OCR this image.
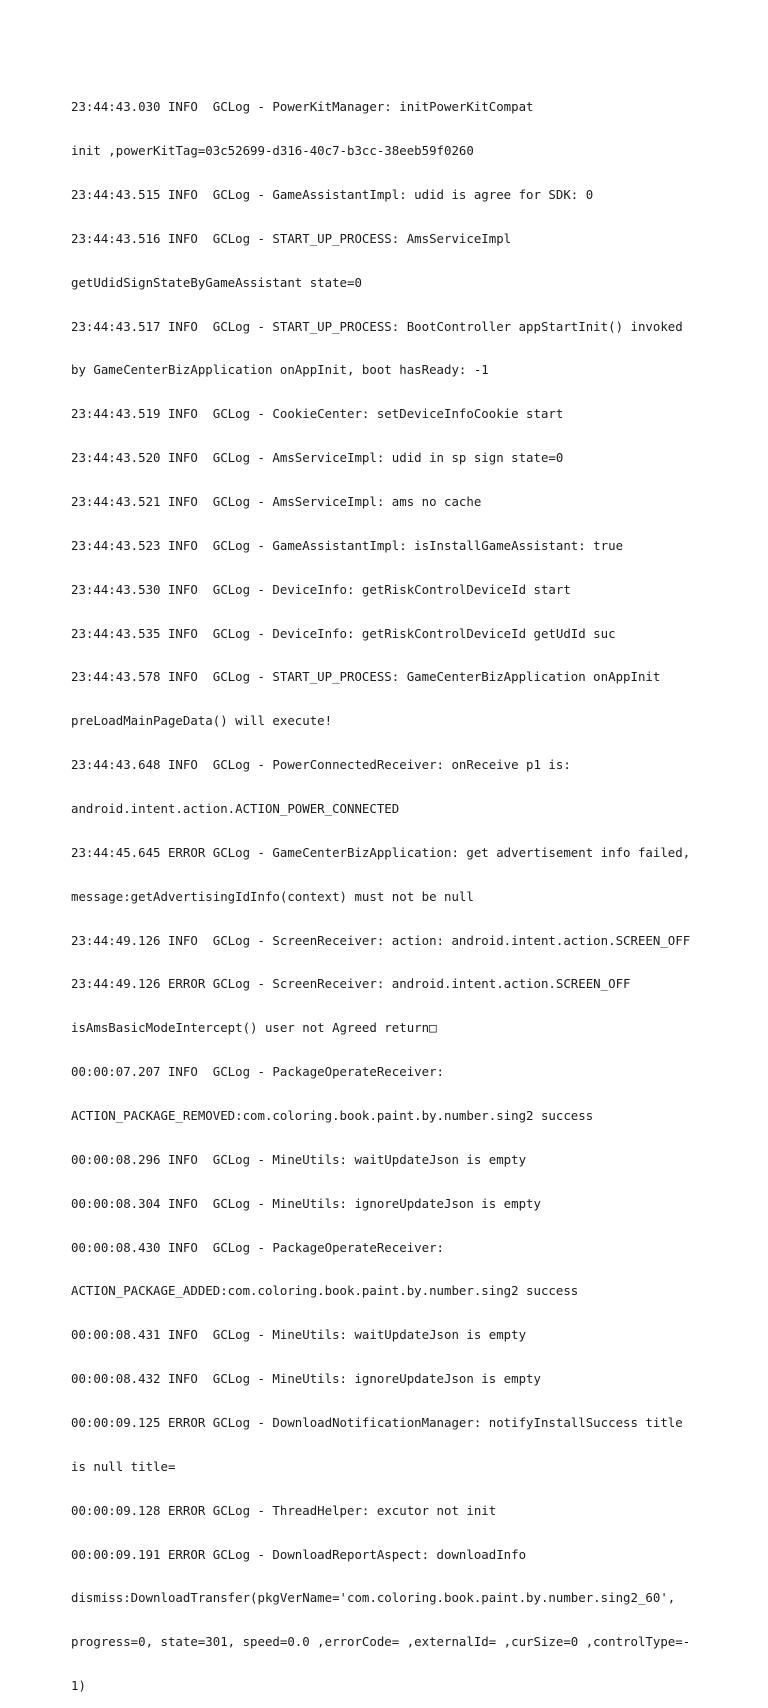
23:44:43.030 INFO  GCLog - PowerKitManager: initPowerKitCompat

init ,powerKitTag=03c52699-d316-40c7-b3cc-38eeb59f0260

23:44:43.515 INFO  GCLog - GameAssistantImpl: udid is agree for SDK: 0

23:44:43.516 INFO  GCLog - START_UP_PROCESS: AmsServiceImpl

getUdidSignStateByGameAssistant state=0

23:44:43.517 INFO  GCLog - START_UP_PROCESS: BootController appStartInit() invoked

by GameCenterBizApplication onAppInit, boot hasReady: -1

23:44:43.519 INFO  GCLog - CookieCenter: setDeviceInfoCookie start

23:44:43.520 INFO  GCLog - AmsServiceImpl: udid in sp sign state=0

23:44:43.521 INFO  GCLog - AmsServiceImpl: ams no cache

23:44:43.523 INFO  GCLog - GameAssistantImpl: isInstallGameAssistant: true

23:44:43.530 INFO  GCLog - DeviceInfo: getRiskControlDeviceId start

23:44:43.535 INFO  GCLog - DeviceInfo: getRiskControlDeviceId getUdId suc

23:44:43.578 INFO  GCLog - START_UP_PROCESS: GameCenterBizApplication onAppInit

preLoadMainPageData() will execute!

23:44:43.648 INFO  GCLog - PowerConnectedReceiver: onReceive p1 is:

android.intent.action.ACTION_POWER_CONNECTED

23:44:45.645 ERROR GCLog - GameCenterBizApplication: get advertisement info failed,

message:getAdvertisingIdInfo(context) must not be null

23:44:49.126 INFO  GCLog - ScreenReceiver: action: android.intent.action.SCREEN_OFF

23:44:49.126 ERROR GCLog - ScreenReceiver: android.intent.action.SCREEN_OFF

isAmsBasicModeIntercept() user not Agreed return□

00:00:07.207 INFO  GCLog - PackageOperateReceiver:

ACTION_PACKAGE_REMOVED:com.coloring.book.paint.by.number.sing2 success

00:00:08.296 INFO  GCLog - MineUtils: waitUpdateJson is empty

00:00:08.304 INFO  GCLog - MineUtils: ignoreUpdateJson is empty

00:00:08.430 INFO  GCLog - PackageOperateReceiver:

ACTION_PACKAGE_ADDED:com.coloring.book.paint.by.number.sing2 success

00:00:08.431 INFO  GCLog - MineUtils: waitUpdateJson is empty

00:00:08.432 INFO  GCLog - MineUtils: ignoreUpdateJson is empty

00:00:09.125 ERROR GCLog - DownloadNotificationManager: notifyInstallSuccess title

is null title=

00:00:09.128 ERROR GCLog - ThreadHelper: excutor not init

00:00:09.191 ERROR GCLog - DownloadReportAspect: downloadInfo

dismiss:DownloadTransfer(pkgVerName='com.coloring.book.paint.by.number.sing2_60',

progress=0, state=301, speed=0.0 ,errorCode= ,externalId= ,curSize=0 ,controlType=-

1)
